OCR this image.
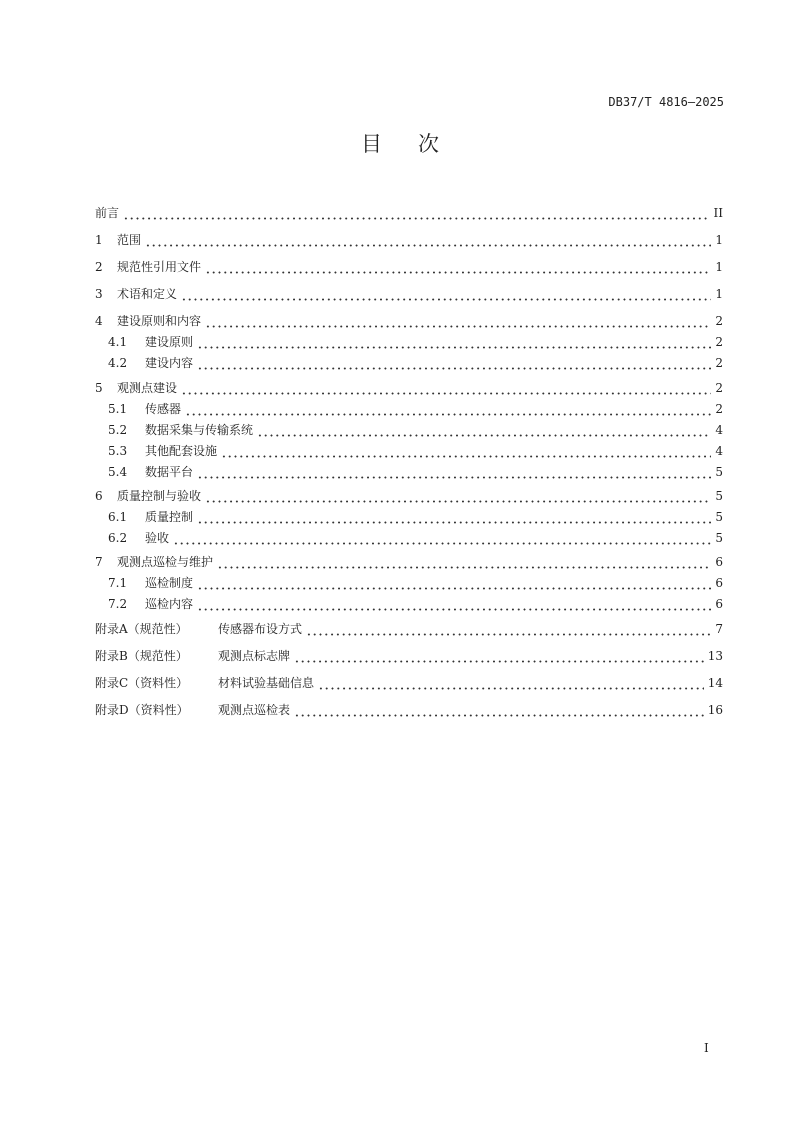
DB37/T 4816—2025
目 次
前言	II
1	范围	1
2	规范性引用文件	1
3	术语和定义	1
4	建设原则和内容	2
4.1	建设原则	2
4.2	建设内容	2
5	观测点建设	2
5.1	传感器	2
5.2	数据采集与传输系统	4
5.3	其他配套设施	4
5.4	数据平台	5
6	质量控制与验收	5
6.1	质量控制	5
6.2	验收	5
7	观测点巡检与维护	6
7.1	巡检制度	6
7.2	巡检内容	6
附录A（规范性）	传感器布设方式	7
附录B（规范性）	观测点标志牌	13
附录C（资料性）	材料试验基础信息	14
附录D（资料性）	观测点巡检表	16
I
